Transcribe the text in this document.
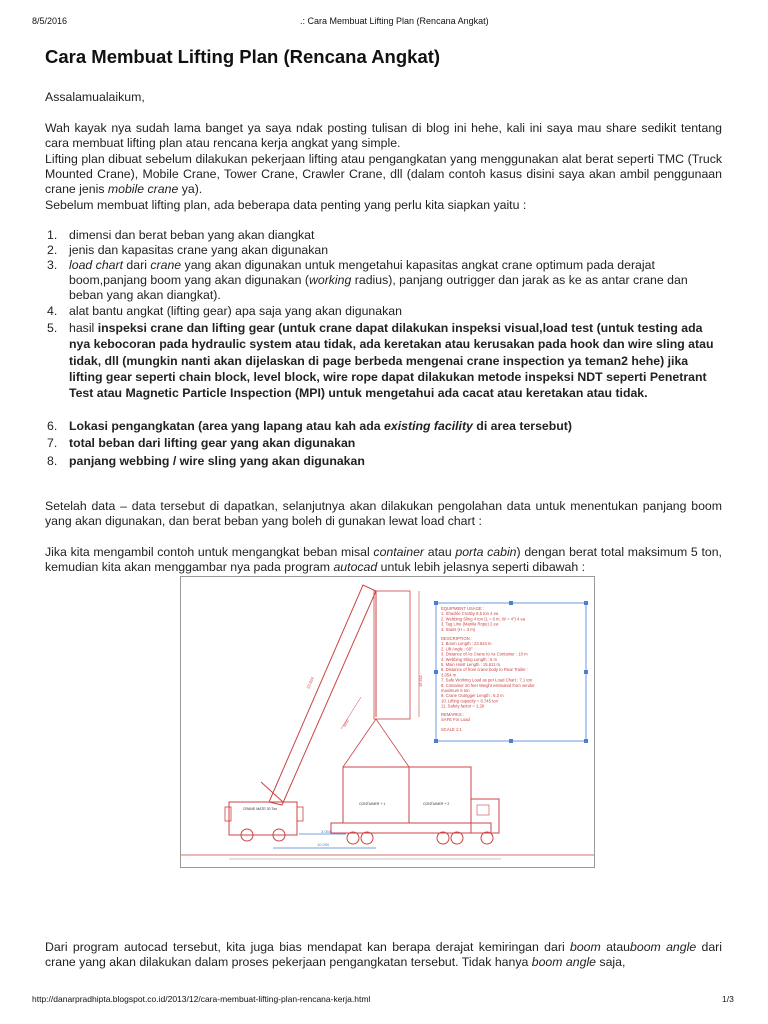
8/5/2016	.: Cara Membuat Lifting Plan (Rencana Angkat)
Cara Membuat Lifting Plan (Rencana Angkat)

Assalamualaikum,

Wah kayak nya sudah lama banget ya saya ndak posting tulisan di blog ini hehe, kali ini saya mau share sedikit tentang cara membuat lifting plan atau rencana kerja angkat yang simple.

Lifting plan dibuat sebelum dilakukan pekerjaan lifting atau pengangkatan yang menggunakan alat berat seperti TMC (Truck Mounted Crane), Mobile Crane, Tower Crane, Crawler Crane, dll (dalam contoh kasus disini saya akan ambil penggunaan crane jenis mobile crane ya).

Sebelum membuat lifting plan, ada beberapa data penting yang perlu kita siapkan yaitu :

1. dimensi dan berat beban yang akan diangkat
2. jenis dan kapasitas crane yang akan digunakan
3. load chart dari crane yang akan digunakan untuk mengetahui kapasitas angkat crane optimum pada derajat boom,panjang boom yang akan digunakan (working radius), panjang outrigger dan jarak as ke as antar crane dan beban yang akan diangkat).
4. alat bantu angkat (lifting gear) apa saja yang akan digunakan
5. hasil inspeksi crane dan lifting gear (untuk crane dapat dilakukan inspeksi visual,load test (untuk testing ada nya kebocoran pada hydraulic system atau tidak, ada keretakan atau kerusakan pada hook dan wire sling atau tidak, dll (mungkin nanti akan dijelaskan di page berbeda mengenai crane inspection ya teman2 hehe) jika lifting gear seperti chain block, level block, wire rope dapat dilakukan metode inspeksi NDT seperti Penetrant Test atau Magnetic Particle Inspection (MPI) untuk mengetahui ada cacat atau keretakan atau tidak.
6. Lokasi pengangkatan (area yang lapang atau kah ada existing facility di area tersebut)
7. total beban dari lifting gear yang akan digunakan
8. panjang webbing / wire sling yang akan digunakan

Setelah data – data tersebut di dapatkan, selanjutnya akan dilakukan pengolahan data untuk menentukan panjang boom yang akan digunakan, dan berat beban yang boleh di gunakan lewat load chart :

Jika kita mengambil contoh untuk mengangkat beban misal container atau porta cabin) dengan berat total maksimum 5 ton, kemudian kita akan menggambar nya pada program autocad untuk lebih jelasnya seperti dibawah :

CRANE MATE 30 Ton
23.624	15.611
6000
CONTAINER + 1	CONTAINER + 2
3.054
10.000
EQUIPMENT USAGE :
1. Shackle Crosby 8,5 ton 4 ea
2. Webbing Sling 4 ton (L = 6 m, W = 4") 4 ea
3. Tag Line (Manila Rope) 2 ea
4. Stairs (H = 3 m)
DESCRIPTION :
1. Boom Length : 23.624 m
2. Lift Angle : 60°
3. Distance of As Crane to As Container : 10 m
4. Webbing Sling Length : 6 m
5. Main Hoist Length : 15.611 m
6. Distance of from crane body to Rear Trailer :
3.054 m
7. Safe Working Load as per Load Chart : 7.1 ton
8. Container 20 feet Weight estimated from vendor
maximum 5 ton
9. Crane Outrigger Length : 6.3 m
10. Lifting capacity = 6.745 ton
11. Safety factor = 1.29
REMARKS :
SAFE For Load
SCALE 1:1

Dari program autocad tersebut, kita juga bias mendapat kan berapa derajat kemiringan dari boom atauboom angle dari crane yang akan dilakukan dalam proses pekerjaan pengangkatan tersebut. Tidak hanya boom angle saja,

http://danarpradhipta.blogspot.co.id/2013/12/cara-membuat-lifting-plan-rencana-kerja.html	1/3
